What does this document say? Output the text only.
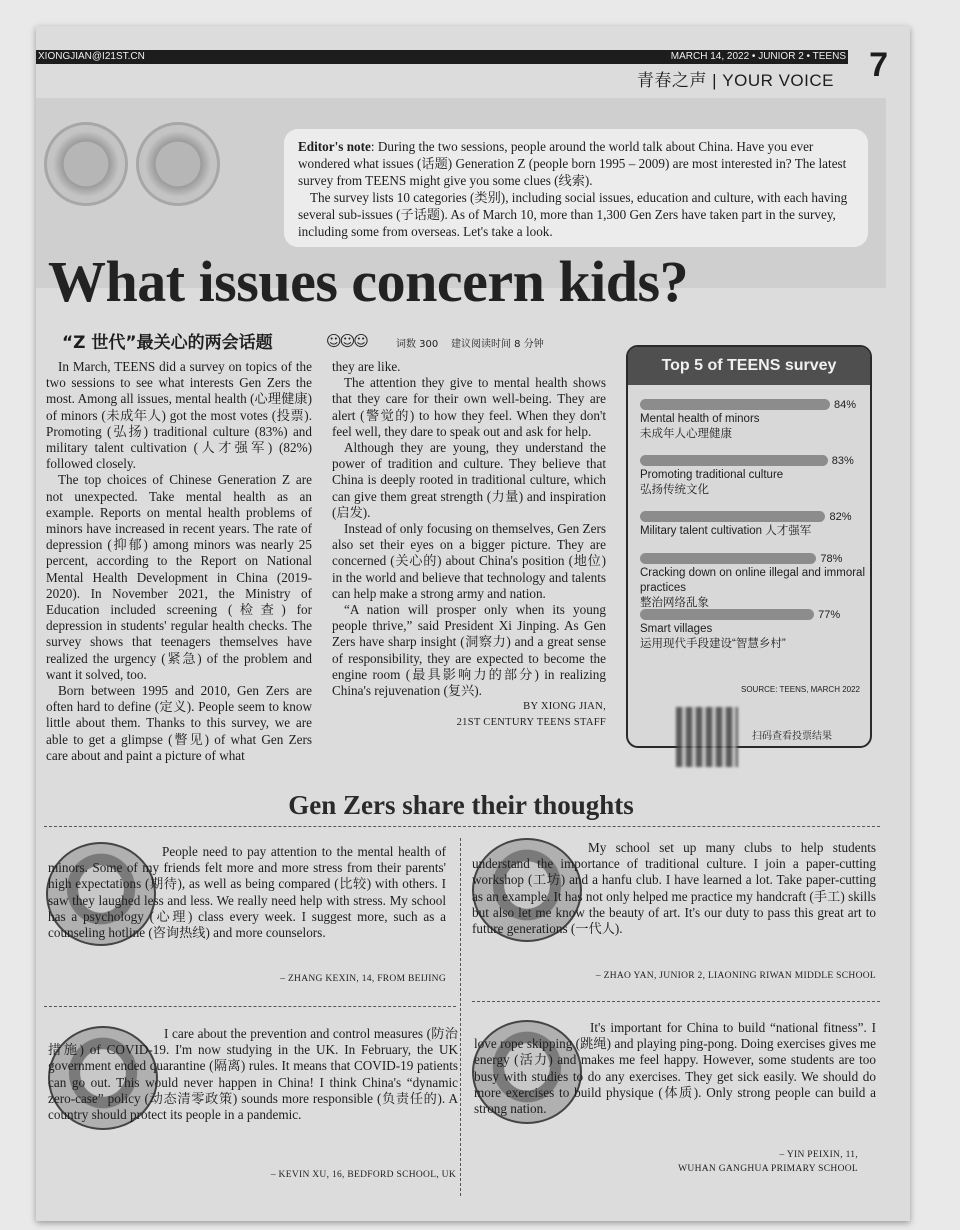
XIONGJIAN@I21ST.CN	MARCH 14, 2022 • JUNIOR 2 • TEENS 7
青春之声 | YOUR VOICE

Editor's note: During the two sessions, people around the world talk about China. Have you ever wondered what issues (话题) Generation Z (people born 1995 – 2009) are most interested in? The latest survey from TEENS might give you some clues (线索).

The survey lists 10 categories (类别), including social issues, education and culture, with each having several sub-issues (子话题). As of March 10, more than 1,300 Gen Zers have taken part in the survey, including some from overseas. Let's take a look.

What issues concern kids?
“Z 世代”最关心的两会话题	☺☺☺	词数 300 建议阅读时间 8 分钟

In March, TEENS did a survey on topics of the two sessions to see what interests Gen Zers the most. Among all issues, mental health (心理健康) of minors (未成年人) got the most votes (投票). Promoting (弘扬) traditional culture (83%) and military talent cultivation (人才强军) (82%) followed closely.

The top choices of Chinese Generation Z are not unexpected. Take mental health as an example. Reports on mental health problems of minors have increased in recent years. The rate of depression (抑郁) among minors was nearly 25 percent, according to the Report on National Mental Health Development in China (2019-2020). In November 2021, the Ministry of Education included screening (检查) for depression in students' regular health checks. The survey shows that teenagers themselves have realized the urgency (紧急) of the problem and want it solved, too.

Born between 1995 and 2010, Gen Zers are often hard to define (定义). People seem to know little about them. Thanks to this survey, we are able to get a glimpse (瞥见) of what Gen Zers care about and paint a picture of what

they are like.

The attention they give to mental health shows that they care for their own well-being. They are alert (警觉的) to how they feel. When they don't feel well, they dare to speak out and ask for help.

Although they are young, they understand the power of tradition and culture. They believe that China is deeply rooted in traditional culture, which can give them great strength (力量) and inspiration (启发).

Instead of only focusing on themselves, Gen Zers also set their eyes on a bigger picture. They are concerned (关心的) about China's position (地位) in the world and believe that technology and talents can help make a strong army and nation.

“A nation will prosper only when its young people thrive,” said President Xi Jinping. As Gen Zers have sharp insight (洞察力) and a great sense of responsibility, they are expected to become the engine room (最具影响力的部分) in realizing China's rejuvenation (复兴).

BY XIONG JIAN,

21ST CENTURY TEENS STAFF

Top 5 of TEENS survey
84%
Mental health of minors
未成年人心理健康
83%
Promoting traditional culture
弘扬传统文化
82%
Military talent cultivation 人才强军
78%
Cracking down on online illegal and immoral practices
整治网络乱象
77%
Smart villages
运用现代手段建设“智慧乡村”
SOURCE: TEENS, MARCH 2022
扫码查看投票结果
Gen Zers share their thoughts
People need to pay attention to the mental health of minors. Some of my friends felt more and more stress from their parents' high expectations (期待), as well as being compared (比较) with others. I saw they laughed less and less. We really need help with stress. My school has a psychology (心理) class every week. I suggest more, such as a counseling hotline (咨询热线) and more counselors.
– ZHANG KEXIN, 14, FROM BEIJING
My school set up many clubs to help students understand the importance of traditional culture. I join a paper-cutting workshop (工坊) and a hanfu club. I have learned a lot. Take paper-cutting as an example. It has not only helped me practice my handcraft (手工) skills but also let me know the beauty of art. It's our duty to pass this great art to future generations (一代人).
– ZHAO YAN, JUNIOR 2, LIAONING RIWAN MIDDLE SCHOOL
I care about the prevention and control measures (防治措施) of COVID-19. I'm now studying in the UK. In February, the UK government ended quarantine (隔离) rules. It means that COVID-19 patients can go out. This would never happen in China! I think China's “dynamic zero-case” policy (动态清零政策) sounds more responsible (负责任的). A country should protect its people in a pandemic.
– KEVIN XU, 16, BEDFORD SCHOOL, UK
It's important for China to build “national fitness”. I love rope skipping (跳绳) and playing ping-pong. Doing exercises gives me energy (活力) and makes me feel happy. However, some students are too busy with studies to do any exercises. They get sick easily. We should do more exercises to build physique (体质). Only strong people can build a strong nation.
– YIN PEIXIN, 11,
WUHAN GANGHUA PRIMARY SCHOOL
